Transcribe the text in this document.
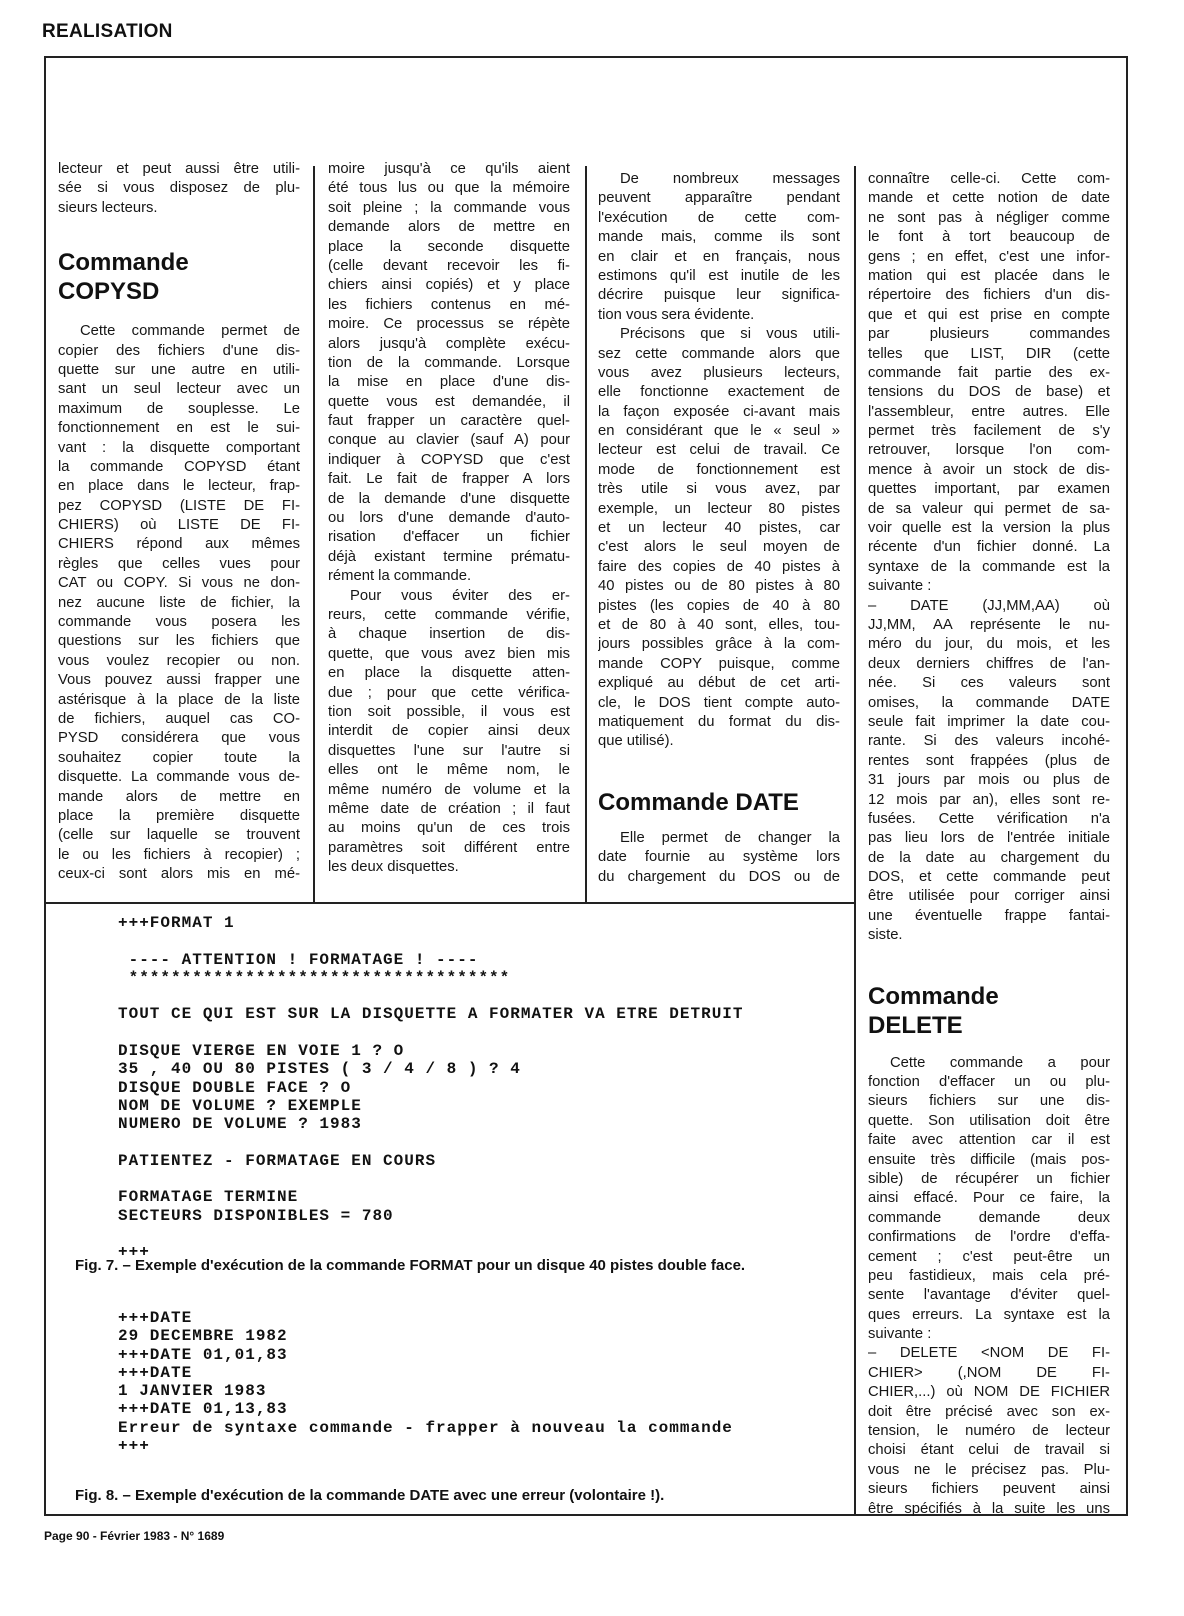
REALISATION
lecteur et peut aussi être utili-
sée si vous disposez de plu-
sieurs lecteurs.
Commande
COPYSD
Cette commande permet de
copier des fichiers d'une dis-
quette sur une autre en utili-
sant un seul lecteur avec un
maximum de souplesse. Le
fonctionnement en est le sui-
vant : la disquette comportant
la commande COPYSD étant
en place dans le lecteur, frap-
pez COPYSD (LISTE DE FI-
CHIERS) où LISTE DE FI-
CHIERS répond aux mêmes
règles que celles vues pour
CAT ou COPY. Si vous ne don-
nez aucune liste de fichier, la
commande vous posera les
questions sur les fichiers que
vous voulez recopier ou non.
Vous pouvez aussi frapper une
astérisque à la place de la liste
de fichiers, auquel cas CO-
PYSD considérera que vous
souhaitez copier toute la
disquette. La commande vous de-
mande alors de mettre en
place la première disquette
(celle sur laquelle se trouvent
le ou les fichiers à recopier) ;
ceux-ci sont alors mis en mé-
moire jusqu'à ce qu'ils aient
été tous lus ou que la mémoire
soit pleine ; la commande vous
demande alors de mettre en
place la seconde disquette
(celle devant recevoir les fi-
chiers ainsi copiés) et y place
les fichiers contenus en mé-
moire. Ce processus se répète
alors jusqu'à complète exécu-
tion de la commande. Lorsque
la mise en place d'une dis-
quette vous est demandée, il
faut frapper un caractère quel-
conque au clavier (sauf A) pour
indiquer à COPYSD que c'est
fait. Le fait de frapper A lors
de la demande d'une disquette
ou lors d'une demande d'auto-
risation d'effacer un fichier
déjà existant termine prématu-
rément la commande.
Pour vous éviter des er-
reurs, cette commande vérifie,
à chaque insertion de dis-
quette, que vous avez bien mis
en place la disquette atten-
due ; pour que cette vérifica-
tion soit possible, il vous est
interdit de copier ainsi deux
disquettes l'une sur l'autre si
elles ont le même nom, le
même numéro de volume et la
même date de création ; il faut
au moins qu'un de ces trois
paramètres soit différent entre
les deux disquettes.
De nombreux messages
peuvent apparaître pendant
l'exécution de cette com-
mande mais, comme ils sont
en clair et en français, nous
estimons qu'il est inutile de les
décrire puisque leur significa-
tion vous sera évidente.
Précisons que si vous utili-
sez cette commande alors que
vous avez plusieurs lecteurs,
elle fonctionne exactement de
la façon exposée ci-avant mais
en considérant que le « seul »
lecteur est celui de travail. Ce
mode de fonctionnement est
très utile si vous avez, par
exemple, un lecteur 80 pistes
et un lecteur 40 pistes, car
c'est alors le seul moyen de
faire des copies de 40 pistes à
40 pistes ou de 80 pistes à 80
pistes (les copies de 40 à 80
et de 80 à 40 sont, elles, tou-
jours possibles grâce à la com-
mande COPY puisque, comme
expliqué au début de cet arti-
cle, le DOS tient compte auto-
matiquement du format du dis-
que utilisé).
Commande DATE
Elle permet de changer la
date fournie au système lors
du chargement du DOS ou de
connaître celle-ci. Cette com-
mande et cette notion de date
ne sont pas à négliger comme
le font à tort beaucoup de
gens ; en effet, c'est une infor-
mation qui est placée dans le
répertoire des fichiers d'un dis-
que et qui est prise en compte
par plusieurs commandes
telles que LIST, DIR (cette
commande fait partie des ex-
tensions du DOS de base) et
l'assembleur, entre autres. Elle
permet très facilement de s'y
retrouver, lorsque l'on com-
mence à avoir un stock de dis-
quettes important, par examen
de sa valeur qui permet de sa-
voir quelle est la version la plus
récente d'un fichier donné. La
syntaxe de la commande est la
suivante :
– DATE (JJ,MM,AA) où
JJ,MM, AA représente le nu-
méro du jour, du mois, et les
deux derniers chiffres de l'an-
née. Si ces valeurs sont
omises, la commande DATE
seule fait imprimer la date cou-
rante. Si des valeurs incohé-
rentes sont frappées (plus de
31 jours par mois ou plus de
12 mois par an), elles sont re-
fusées. Cette vérification n'a
pas lieu lors de l'entrée initiale
de la date au chargement du
DOS, et cette commande peut
être utilisée pour corriger ainsi
une éventuelle frappe fantai-
siste.
Commande
DELETE
Cette commande a pour
fonction d'effacer un ou plu-
sieurs fichiers sur une dis-
quette. Son utilisation doit être
faite avec attention car il est
ensuite très difficile (mais pos-
sible) de récupérer un fichier
ainsi effacé. Pour ce faire, la
commande demande deux
confirmations de l'ordre d'effa-
cement ; c'est peut-être un
peu fastidieux, mais cela pré-
sente l'avantage d'éviter quel-
ques erreurs. La syntaxe est la
suivante :
– DELETE <NOM DE FI-
CHIER> (,NOM DE FI-
CHIER,...) où NOM DE FICHIER
doit être précisé avec son ex-
tension, le numéro de lecteur
choisi étant celui de travail si
vous ne le précisez pas. Plu-
sieurs fichiers peuvent ainsi
être spécifiés à la suite les uns
+++FORMAT 1
---- ATTENTION ! FORMATAGE ! ----
************************************
TOUT CE QUI EST SUR LA DISQUETTE A FORMATER VA ETRE DETRUIT
DISQUE VIERGE EN VOIE 1 ? O
35 , 40 OU 80 PISTES ( 3 / 4 / 8 ) ? 4
DISQUE DOUBLE FACE ? O
NOM DE VOLUME ? EXEMPLE
NUMERO DE VOLUME ? 1983
PATIENTEZ - FORMATAGE EN COURS
FORMATAGE TERMINE
SECTEURS DISPONIBLES = 780
+++
Fig. 7. – Exemple d'exécution de la commande FORMAT pour un disque 40 pistes double face.
+++DATE
29 DECEMBRE 1982
+++DATE 01,01,83
+++DATE
1 JANVIER 1983
+++DATE 01,13,83
Erreur de syntaxe commande - frapper à nouveau la commande
+++
Fig. 8. – Exemple d'exécution de la commande DATE avec une erreur (volontaire !).
Page 90 - Février 1983 - N° 1689
